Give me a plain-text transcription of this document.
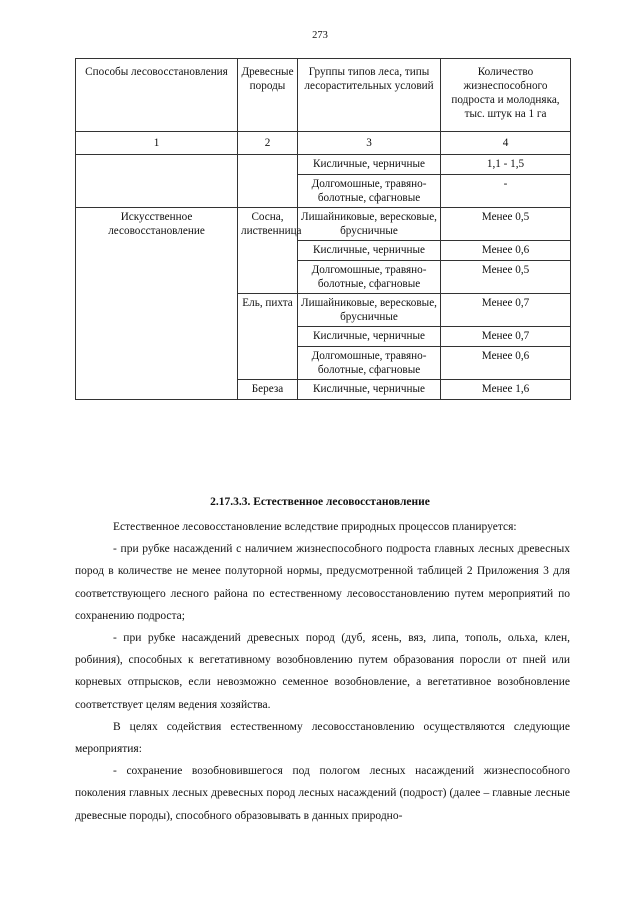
273
Способы лесовосстановления	Древесные породы	Группы типов леса, типы лесорастительных условий	Количество жизнеспособного подроста и молодняка, тыс. штук на 1 га
1	2	3	4
		Кисличные, черничные	1,1 - 1,5
		Долгомошные, травяно-болотные, сфагновые	-
Искусственное лесовосстановление	Сосна, лиственница	Лишайниковые, вересковые, брусничные	Менее 0,5
		Кисличные, черничные	Менее 0,6
		Долгомошные, травяно-болотные, сфагновые	Менее 0,5
	Ель, пихта	Лишайниковые, вересковые, брусничные	Менее 0,7
		Кисличные, черничные	Менее 0,7
		Долгомошные, травяно-болотные, сфагновые	Менее 0,6
	Береза	Кисличные, черничные	Менее 1,6
2.17.3.3. Естественное лесовосстановление

Естественное лесовосстановление вследствие природных процессов планируется:

- при рубке насаждений с наличием жизнеспособного подроста главных лесных древесных пород в количестве не менее полуторной нормы, предусмотренной таблицей 2 Приложения 3 для соответствующего лесного района по естественному лесовосстановлению путем мероприятий по сохранению подроста;

- при рубке насаждений древесных пород (дуб, ясень, вяз, липа, тополь, ольха, клен, робиния), способных к вегетативному возобновлению путем образования поросли от пней или корневых отпрысков, если невозможно семенное возобновление, а вегетативное возобновление соответствует целям ведения хозяйства.

В целях содействия естественному лесовосстановлению осуществляются следующие мероприятия:

- сохранение возобновившегося под пологом лесных насаждений жизнеспособного поколения главных лесных древесных пород лесных насаждений (подрост) (далее – главные лесные древесные породы), способного образовывать в данных природно-
